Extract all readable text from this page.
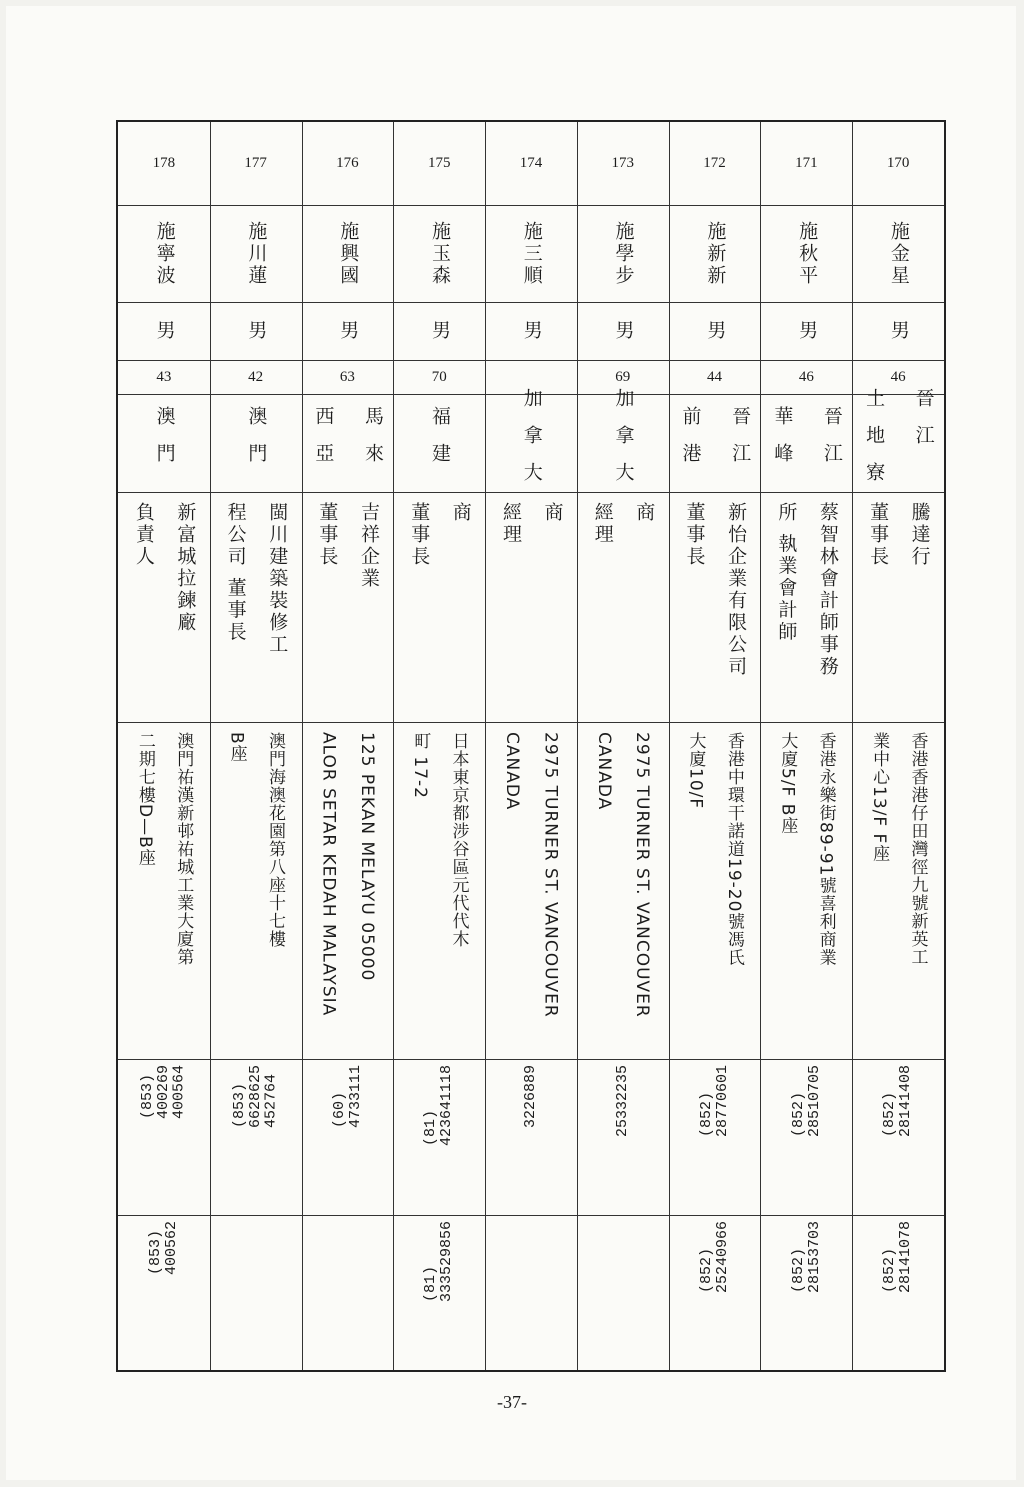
170
施金星
男
46
晉江
土地寮
騰達行
董事長
香港香港仔田灣徑九號新英工
業中心13/F F座
(852)
28141408
(852)
28141078
171
施秋平
男
46
晉江
華峰
蔡智林會計師事務
所 執業會計師
香港永樂街89-91號喜利商業
大廈5/F B座
(852)
28510705
(852)
28153703
172
施新新
男
44
晉江
前港
新怡企業有限公司
董事長
香港中環干諾道19-20號馮氏
大廈10/F
(852)
28770601
(852)
25240966
173
施學步
男
69
加拿大
商
經理
2975 TURNER ST. VANCOUVER
CANADA
25332235
174
施三順
男
加拿大
商
經理
2975 TURNER ST. VANCOUVER
CANADA
3226889
175
施玉森
男
70
福建
商
董事長
日本東京都涉谷區元代代木
町 17-2
(81)
423641118
(81)
333529856
176
施興國
男
63
馬來
西亞
吉祥企業
董事長
125 PEKAN MELAYU 05000
ALOR SETAR KEDAH MALAYSIA
(60)
4733111
177
施川蓮
男
42
澳門
閩川建築裝修工
程公司 董事長
澳門海澳花園第八座十七樓
B座
(853)
6628625
452764
178
施寧波
男
43
澳門
新富城拉鍊廠
負責人
澳門祐漢新邨祐城工業大廈第
二期七樓D—B座
(853)
400269
400564
(853)
400562
-37-
